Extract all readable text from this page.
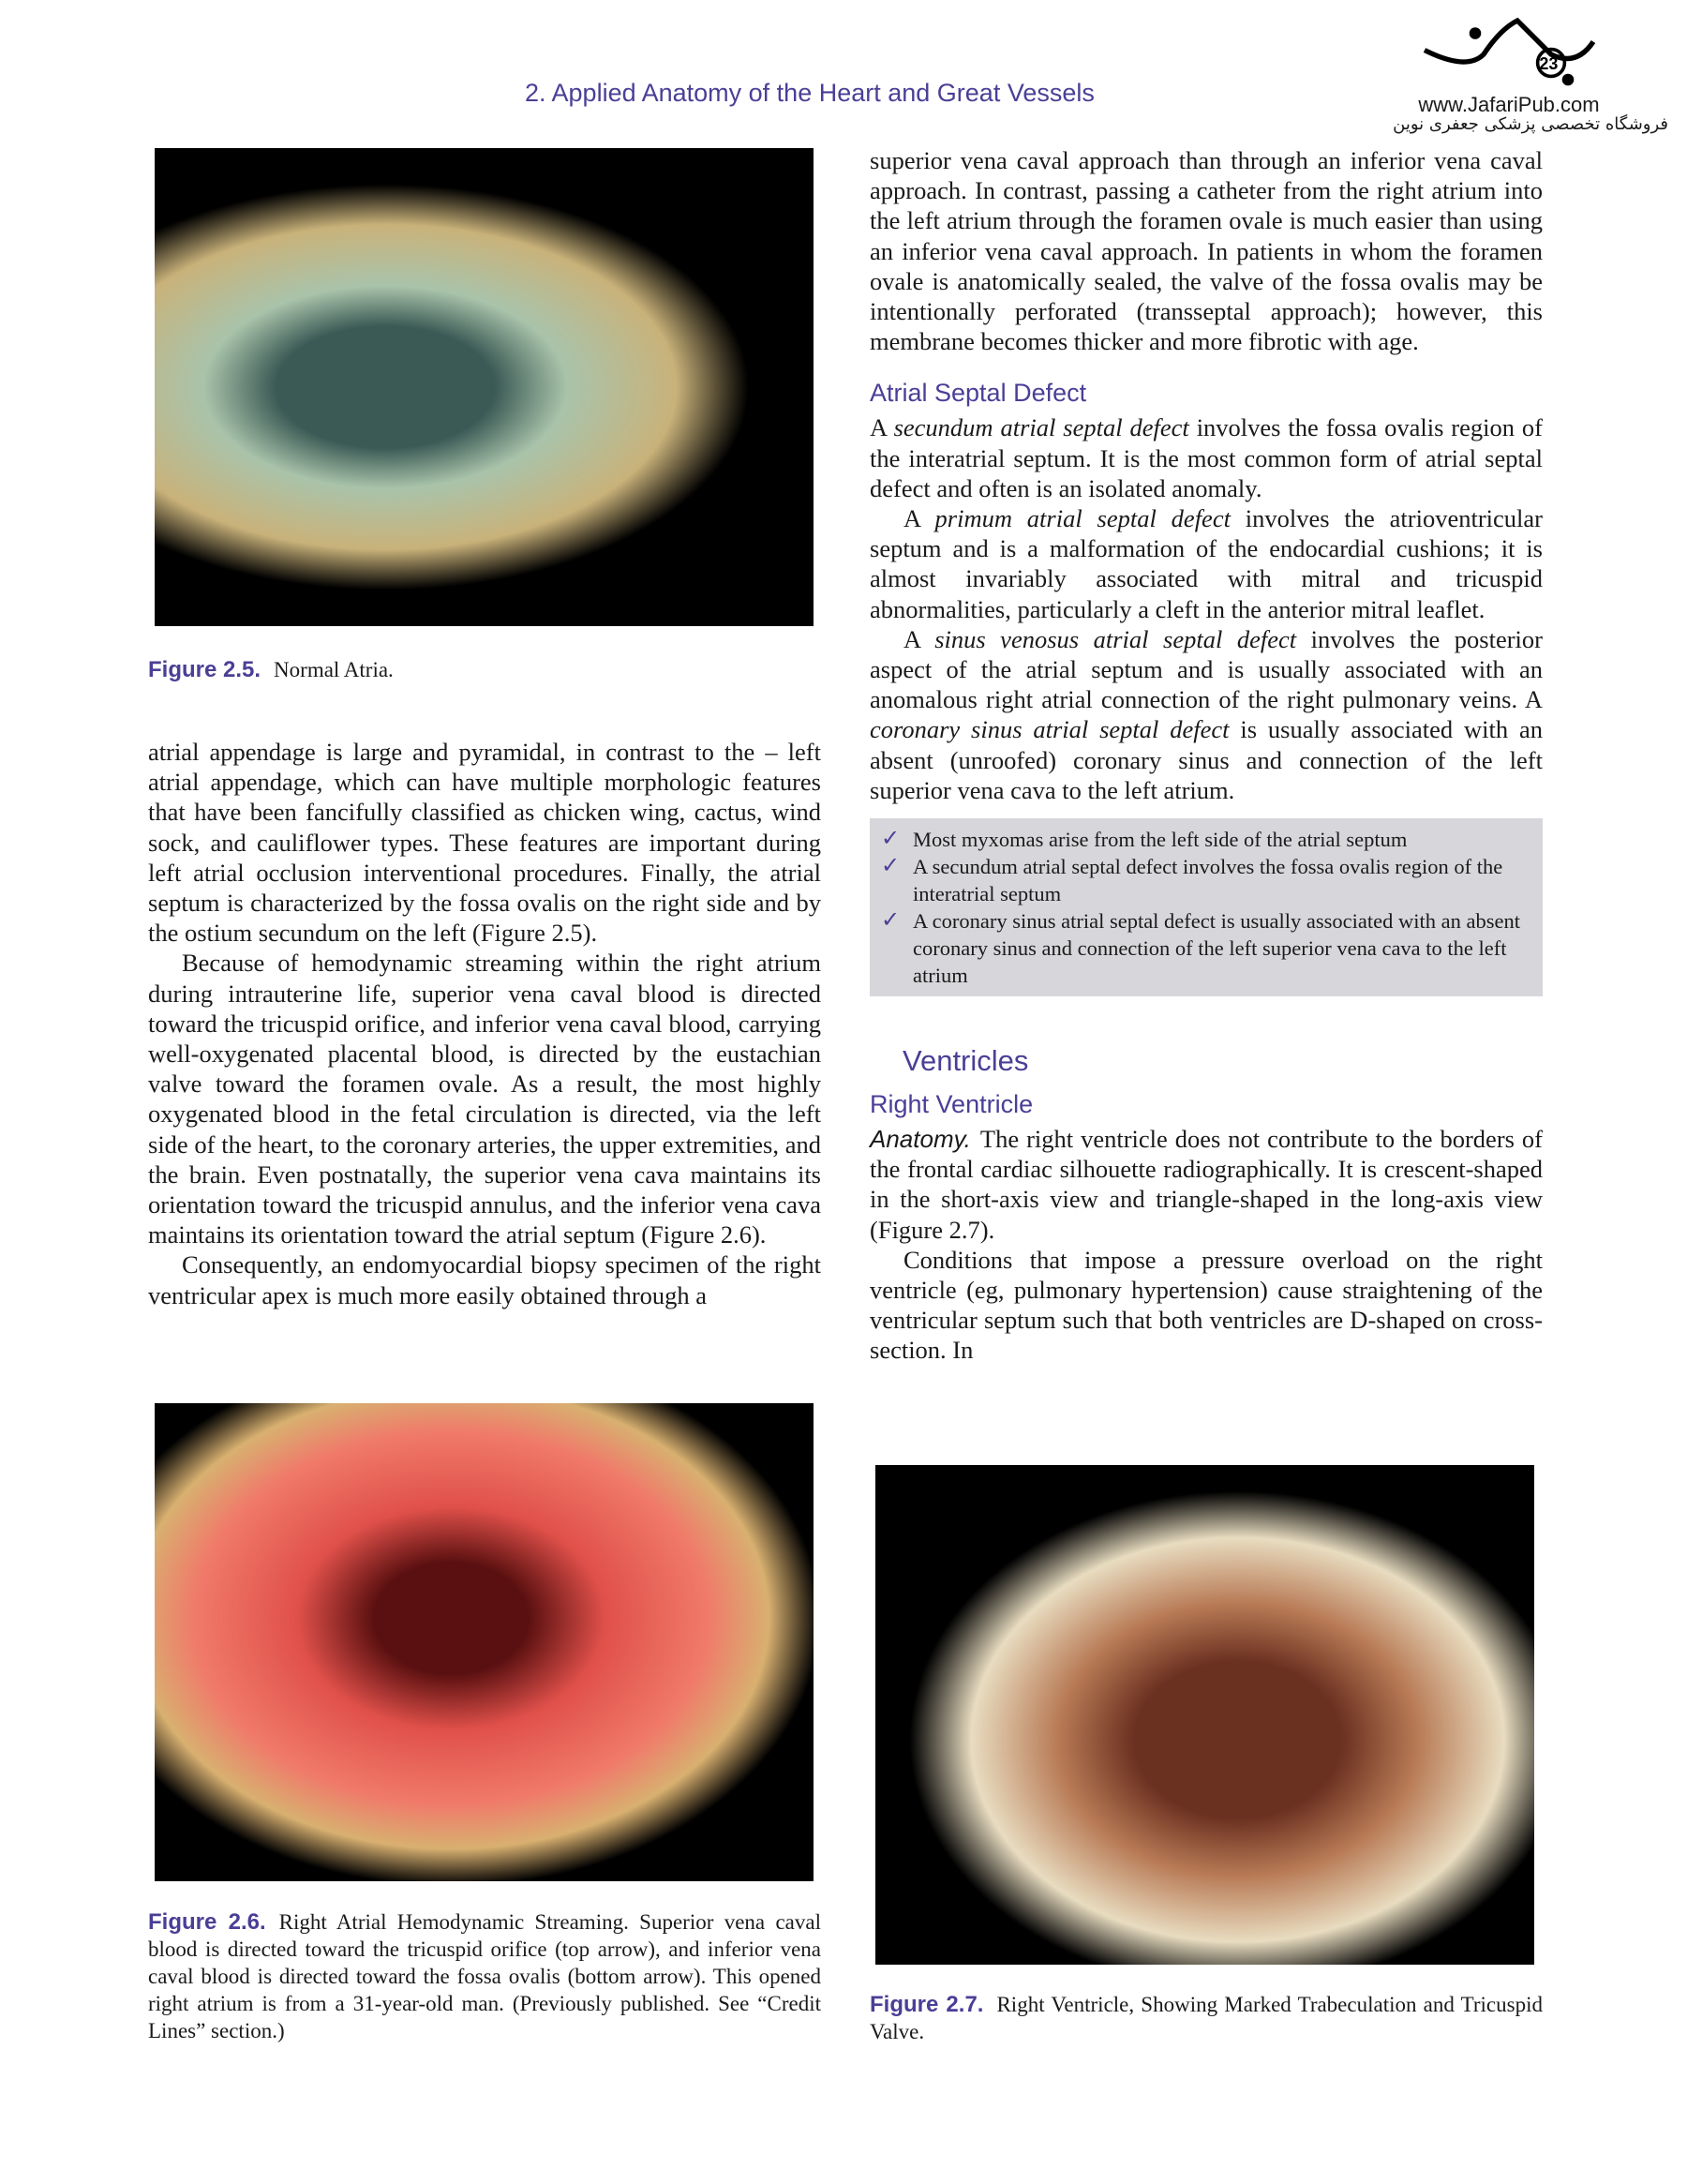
2. Applied Anatomy of the Heart and Great Vessels
23
www.JafariPub.com
فروشگاه تخصصی پزشکی جعفری نوین
Figure 2.5. Normal Atria.

atrial appendage is large and pyramidal, in contrast to the – left atrial appendage, which can have multiple morphologic features that have been fancifully classified as chicken wing, cactus, wind sock, and cauliflower types. These features are important during left atrial occlusion interventional procedures. Finally, the atrial septum is characterized by the fossa ovalis on the right side and by the ostium secundum on the left (Figure 2.5).

Because of hemodynamic streaming within the right atrium during intrauterine life, superior vena caval blood is directed toward the tricuspid orifice, and inferior vena caval blood, carrying well-oxygenated placental blood, is directed by the eustachian valve toward the foramen ovale. As a result, the most highly oxygenated blood in the fetal circulation is directed, via the left side of the heart, to the coronary arteries, the upper extremities, and the brain. Even postnatally, the superior vena cava maintains its orientation toward the tricuspid annulus, and the inferior vena cava maintains its orientation toward the atrial septum (Figure 2.6).

Consequently, an endomyocardial biopsy specimen of the right ventricular apex is much more easily obtained through a

superior vena caval approach than through an inferior vena caval approach. In contrast, passing a catheter from the right atrium into the left atrium through the foramen ovale is much easier than using an inferior vena caval approach. In patients in whom the foramen ovale is anatomically sealed, the valve of the fossa ovalis may be intentionally perforated (transseptal approach); however, this membrane becomes thicker and more fibrotic with age.

Atrial Septal Defect

A secundum atrial septal defect involves the fossa ovalis region of the interatrial septum. It is the most common form of atrial septal defect and often is an isolated anomaly.

A primum atrial septal defect involves the atrioventricular septum and is a malformation of the endocardial cushions; it is almost invariably associated with mitral and tricuspid abnormalities, particularly a cleft in the anterior mitral leaflet.

A sinus venosus atrial septal defect involves the posterior aspect of the atrial septum and is usually associated with an anomalous right atrial connection of the right pulmonary veins. A coronary sinus atrial septal defect is usually associated with an absent (unroofed) coronary sinus and connection of the left superior vena cava to the left atrium.

✓ Most myxomas arise from the left side of the atrial septum
✓ A secundum atrial septal defect involves the fossa ovalis region of the interatrial septum
✓ A coronary sinus atrial septal defect is usually associated with an absent coronary sinus and connection of the left superior vena cava to the left atrium
Ventricles
Right Ventricle

Anatomy. The right ventricle does not contribute to the borders of the frontal cardiac silhouette radiographically. It is crescent-shaped in the short-axis view and triangle-shaped in the long-axis view (Figure 2.7).

Conditions that impose a pressure overload on the right ventricle (eg, pulmonary hypertension) cause straightening of the ventricular septum such that both ventricles are D-shaped on cross-section. In

Figure 2.6. Right Atrial Hemodynamic Streaming. Superior vena caval blood is directed toward the tricuspid orifice (top arrow), and inferior vena caval blood is directed toward the fossa ovalis (bottom arrow). This opened right atrium is from a 31-year-old man. (Previously published. See “Credit Lines” section.)
Figure 2.7. Right Ventricle, Showing Marked Trabeculation and Tricuspid Valve.
